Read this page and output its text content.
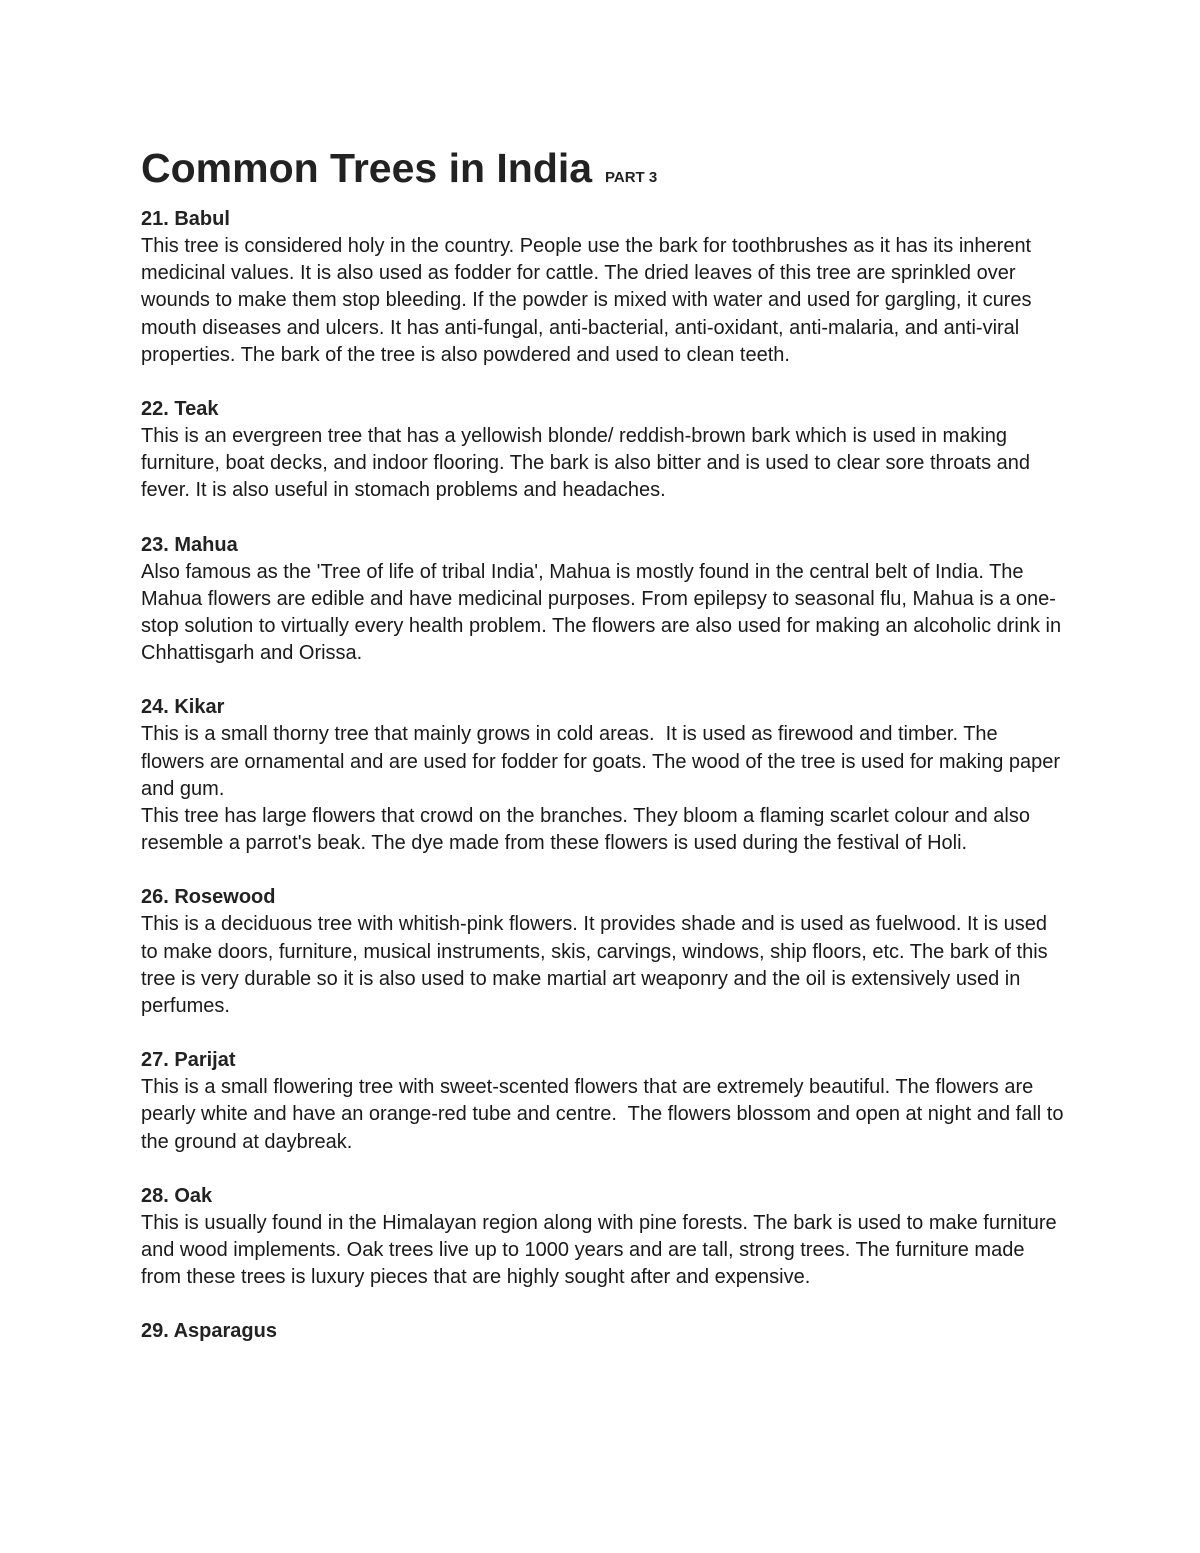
Common Trees in India PART 3
21. Babul

This tree is considered holy in the country. People use the bark for toothbrushes as it has its inherent medicinal values. It is also used as fodder for cattle. The dried leaves of this tree are sprinkled over wounds to make them stop bleeding. If the powder is mixed with water and used for gargling, it cures mouth diseases and ulcers. It has anti-fungal, anti-bacterial, anti-oxidant, anti-malaria, and anti-viral properties. The bark of the tree is also powdered and used to clean teeth.

22. Teak

This is an evergreen tree that has a yellowish blonde/ reddish-brown bark which is used in making furniture, boat decks, and indoor flooring. The bark is also bitter and is used to clear sore throats and fever. It is also useful in stomach problems and headaches.

23. Mahua

Also famous as the 'Tree of life of tribal India', Mahua is mostly found in the central belt of India. The Mahua flowers are edible and have medicinal purposes. From epilepsy to seasonal flu, Mahua is a one-stop solution to virtually every health problem. The flowers are also used for making an alcoholic drink in Chhattisgarh and Orissa.

24. Kikar

This is a small thorny tree that mainly grows in cold areas.  It is used as firewood and timber. The flowers are ornamental and are used for fodder for goats. The wood of the tree is used for making paper and gum.

This tree has large flowers that crowd on the branches. They bloom a flaming scarlet colour and also resemble a parrot's beak. The dye made from these flowers is used during the festival of Holi.

26. Rosewood

This is a deciduous tree with whitish-pink flowers. It provides shade and is used as fuelwood. It is used to make doors, furniture, musical instruments, skis, carvings, windows, ship floors, etc. The bark of this tree is very durable so it is also used to make martial art weaponry and the oil is extensively used in perfumes.

27. Parijat

This is a small flowering tree with sweet-scented flowers that are extremely beautiful. The flowers are pearly white and have an orange-red tube and centre.  The flowers blossom and open at night and fall to the ground at daybreak.

28. Oak

This is usually found in the Himalayan region along with pine forests. The bark is used to make furniture and wood implements. Oak trees live up to 1000 years and are tall, strong trees. The furniture made from these trees is luxury pieces that are highly sought after and expensive.

29. Asparagus
